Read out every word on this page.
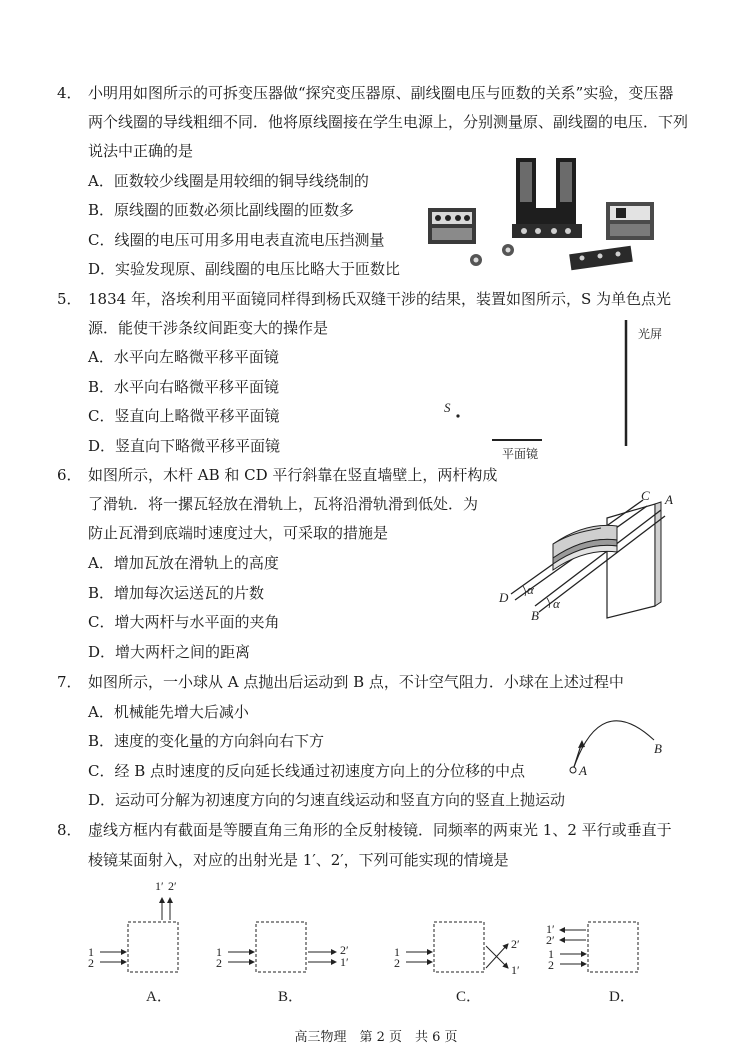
4． 小明用如图所示的可拆变压器做“探究变压器原、副线圈电压与匝数的关系”实验，变压器
两个线圈的导线粗细不同．他将原线圈接在学生电源上，分别测量原、副线圈的电压．下列
说法中正确的是
A．匝数较少线圈是用较细的铜导线绕制的
B．原线圈的匝数必须比副线圈的匝数多
C．线圈的电压可用多用电表直流电压挡测量
D．实验发现原、副线圈的电压比略大于匝数比
5． 1834 年，洛埃利用平面镜同样得到杨氏双缝干涉的结果，装置如图所示，S 为单色点光
源．能使干涉条纹间距变大的操作是
A．水平向左略微平移平面镜
B．水平向右略微平移平面镜
C．竖直向上略微平移平面镜
D．竖直向下略微平移平面镜
光屏
S
平面镜
6． 如图所示，木杆 AB 和 CD 平行斜靠在竖直墙壁上，两杆构成
了滑轨．将一摞瓦轻放在滑轨上，瓦将沿滑轨滑到低处．为
防止瓦滑到底端时速度过大，可采取的措施是
A．增加瓦放在滑轨上的高度
B．增加每次运送瓦的片数
C．增大两杆与水平面的夹角
D．增大两杆之间的距离
C A
D
B
α
α
7． 如图所示，一小球从 A 点抛出后运动到 B 点，不计空气阻力．小球在上述过程中
A．机械能先增大后减小
B．速度的变化量的方向斜向右下方
C．经 B 点时速度的反向延长线通过初速度方向上的分位移的中点
D．运动可分解为初速度方向的匀速直线运动和竖直方向的竖直上抛运动
A
B
8． 虚线方框内有截面是等腰直角三角形的全反射棱镜．同频率的两束光 1、2 平行或垂直于
棱镜某面射入，对应的出射光是 1′、2′，下列可能实现的情境是
1
2
1′ 2′
A．
1
2
2′
1′
B．
1
2
2′
1′
C．
1′
2′
1
2
D．
高三物理　第 2 页　共 6 页
